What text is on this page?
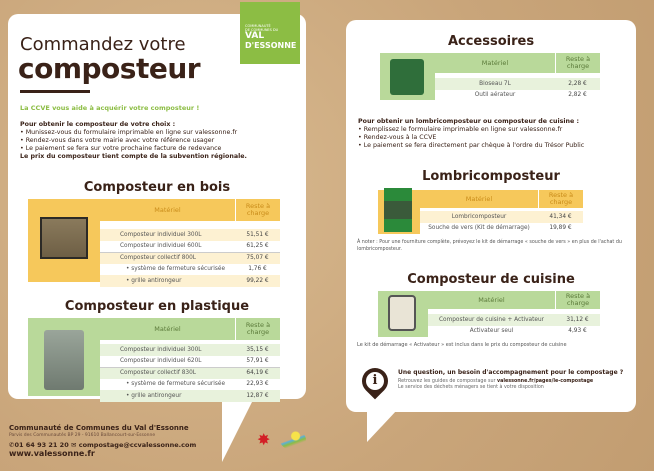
COMMUNAUTÉ
DE COMMUNES DU
VAL
D'ESSONNE
Commandez votre
composteur
La CCVE vous aide à acquérir votre composteur !
Pour obtenir le composteur de votre choix :
• Munissez-vous du formulaire imprimable en ligne sur valessonne.fr
• Rendez-vous dans votre mairie avec votre référence usager
• Le paiement se fera sur votre prochaine facture de redevance
Le prix du composteur tient compte de la subvention régionale.
Composteur en bois
Matériel	Reste à charge
Composteur individuel 300L	51,51 €
Composteur individuel 600L	61,25 €
Composteur collectif 800L	75,07 €
• système de fermeture sécurisée	1,76 €
• grille antirongeur	99,22 €
Composteur en plastique
Matériel	Reste à charge
Composteur individuel 300L	35,15 €
Composteur individuel 620L	57,91 €
Composteur collectif 830L	64,19 €
• système de fermeture sécurisée	22,93 €
• grille antirongeur	12,87 €
Communauté de Communes du Val d'Essonne
Parvis des Communautés BP 29 - 91610 Ballancourt-sur-Essonne
✆01 64 93 21 20 ✉ compostage@ccvalessonne.com
www.valessonne.fr
✸
Accessoires
Matériel	Reste à charge
Bioseau 7L	2,28 €
Outil aérateur	2,82 €
Pour obtenir un lombricomposteur ou composteur de cuisine :
• Remplissez le formulaire imprimable en ligne sur valessonne.fr
• Rendez-vous à la CCVE
• Le paiement se fera directement par chèque à l'ordre du Trésor Public
Lombricomposteur
Matériel	Reste à charge
Lombricomposteur	41,34 €
Souche de vers (Kit de démarrage)	19,89 €
À noter : Pour une fourniture complète, prévoyez le kit de démarrage « souche de vers » en plus de l'achat du lombricomposteur.
Composteur de cuisine
Matériel	Reste à charge
Composteur de cuisine + Activateur	31,12 €
Activateur seul	4,93 €
Le kit de démarrage « Activateur » est inclus dans le prix du composteur de cuisine
i
Une question, un besoin d'accompagnement pour le compostage ?
Retrouvez les guides de compostage sur valessonne.fr/pages/le-compostage
Le service des déchets ménagers se tient à votre disposition
